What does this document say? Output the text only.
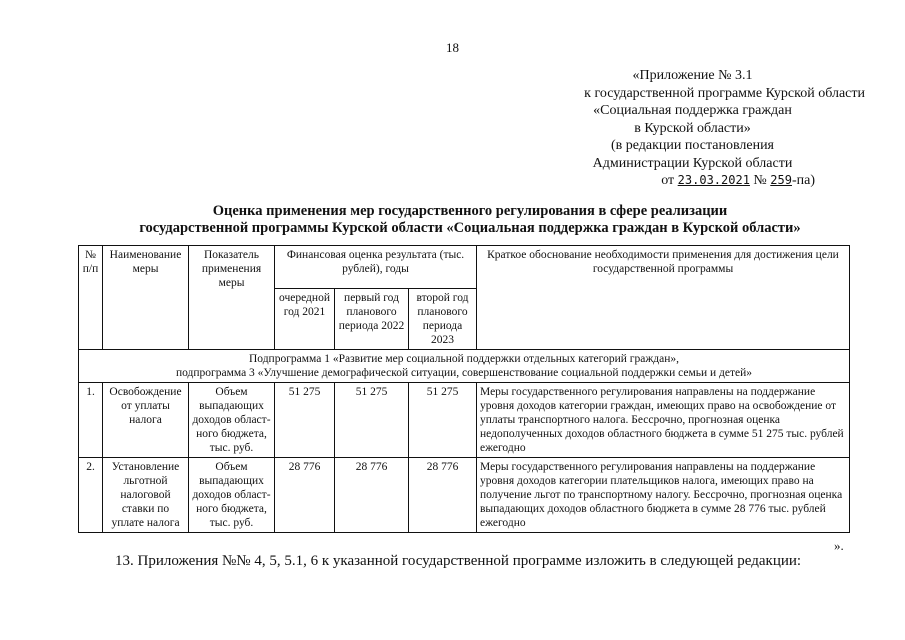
18
«Приложение № 3.1
к государственной программе Курской области
«Социальная поддержка граждан
в Курской области»
(в редакции постановления
Администрации Курской области
от 23.03.2021 № 259-па)
Оценка применения мер государственного регулирования в сфере реализации
государственной программы Курской области «Социальная поддержка граждан в Курской области»
№ п/п	Наименование меры	Показатель применения меры	Финансовая оценка результата (тыс. рублей), годы			Краткое обоснование необходимости применения для достижения цели государственной программы
			очередной год 2021	первый год планового периода 2022	второй год планового периода 2023	

Подпрограмма 1 «Развитие мер социальной поддержки отдельных категорий граждан»,
подпрограмма 3 «Улучшение демографической ситуации, совершенствование социальной поддержки семьи и детей»						

1.	Освобождение от уплаты налога	Объем выпадающих доходов област-ного бюджета, тыс. руб.	51 275	51 275	51 275	Меры государственного регулирования направлены на поддержание уровня доходов категории граждан, имеющих право на освобождение от уплаты транспортного налога. Бессрочно, прогнозная оценка недополученных доходов областного бюджета в сумме 51 275 тыс. рублей ежегодно
2.	Установление льготной налоговой ставки по уплате налога	Объем выпадающих доходов област-ного бюджета, тыс. руб.	28 776	28 776	28 776	Меры государственного регулирования направлены на поддержание уровня доходов категории плательщиков налога, имеющих право на получение льгот по транспортному налогу. Бессрочно, прогнозная оценка выпадающих доходов областного бюджета в сумме 28 776 тыс. рублей ежегодно
».
13. Приложения №№ 4, 5, 5.1, 6 к указанной государственной программе изложить в следующей редакции:
